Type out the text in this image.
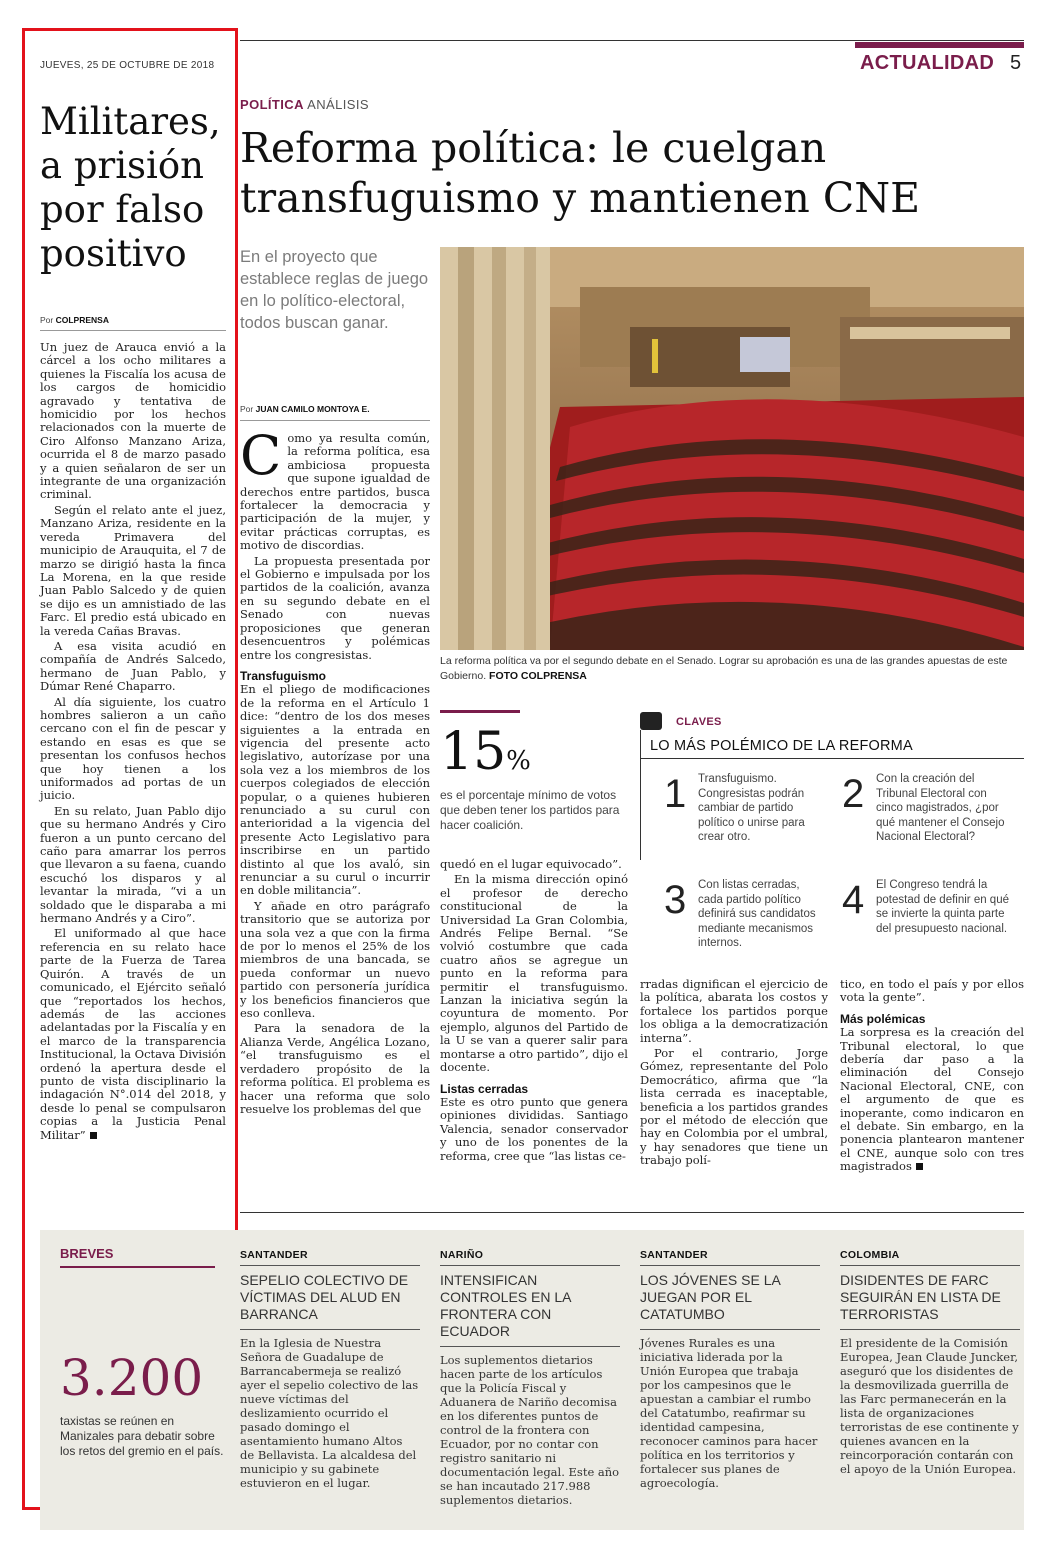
ACTUALIDAD 5
JUEVES, 25 DE OCTUBRE DE 2018
Militares,
a prisión
por falso
positivo
Por COLPRENSA

Un juez de Arauca envió a la cárcel a los ocho militares a quienes la Fiscalía los acusa de los cargos de homicidio agravado y tentativa de homicidio por los hechos relacionados con la muerte de Ciro Alfonso Manzano Ariza, ocurrida el 8 de marzo pasado y a quien señalaron de ser un integrante de una organización criminal.

Según el relato ante el juez, Manzano Ariza, residente en la vereda Primavera del municipio de Arauquita, el 7 de marzo se dirigió hasta la finca La Morena, en la que reside Juan Pablo Salcedo y de quien se dijo es un amnistiado de las Farc. El predio está ubicado en la vereda Cañas Bravas.

A esa visita acudió en compañía de Andrés Salcedo, hermano de Juan Pablo, y Dúmar René Chaparro.

Al día siguiente, los cuatro hombres salieron a un caño cercano con el fin de pescar y estando en esas es que se presentan los confusos hechos que hoy tienen a los uniformados ad portas de un juicio.

En su relato, Juan Pablo dijo que su hermano Andrés y Ciro fueron a un punto cercano del caño para amarrar los perros que llevaron a su faena, cuando escuchó los disparos y al levantar la mirada, “vi a un soldado que le disparaba a mi hermano Andrés y a Ciro”.

El uniformado al que hace referencia en su relato hace parte de la Fuerza de Tarea Quirón. A través de un comunicado, el Ejército señaló que “reportados los hechos, además de las acciones adelantadas por la Fiscalía y en el marco de la transparencia Institucional, la Octava División ordenó la apertura desde el punto de vista disciplinario la indagación N°.014 del 2018, y desde lo penal se compulsaron copias a la Justicia Penal Militar”

POLÍTICA ANÁLISIS
Reforma política: le cuelgan
transfuguismo y mantienen CNE
En el proyecto que establece reglas de juego en lo político-electoral, todos buscan ganar.
Por JUAN CAMILO MONTOYA E.
La reforma política va por el segundo debate en el Senado. Lograr su aprobación es una de las grandes apuestas de este Gobierno. FOTO COLPRENSA

Como ya resulta común, la reforma política, esa ambiciosa propuesta que supone igualdad de derechos entre partidos, busca fortalecer la democracia y participación de la mujer, y evitar prácticas corruptas, es motivo de discordias.

La propuesta presentada por el Gobierno e impulsada por los partidos de la coalición, avanza en su segundo debate en el Senado con nuevas proposiciones que generan desencuentros y polémicas entre los congresistas.

Transfuguismo

En el pliego de modificaciones de la reforma en el Artículo 1 dice: “dentro de los dos meses siguientes a la entrada en vigencia del presente acto legislativo, autorízase por una sola vez a los miembros de los cuerpos colegiados de elección popular, o a quienes hubieren renunciado a su curul con anterioridad a la vigencia del presente Acto Legislativo para inscribirse en un partido distinto al que los avaló, sin renunciar a su curul o incurrir en doble militancia”.

Y añade en otro parágrafo transitorio que se autoriza por una sola vez a que con la firma de por lo menos el 25% de los miembros de una bancada, se pueda conformar un nuevo partido con personería jurídica y los beneficios financieros que eso conlleva.

Para la senadora de la Alianza Verde, Angélica Lozano, “el transfuguismo es el verdadero propósito de la reforma política. El problema es hacer una reforma que solo resuelve los problemas del que

15%
es el porcentaje mínimo de votos que deben tener los partidos para hacer coalición.

quedó en el lugar equivocado”.

En la misma dirección opinó el profesor de derecho constitucional de la Universidad La Gran Colombia, Andrés Felipe Bernal. “Se volvió costumbre que cada cuatro años se agregue un punto en la reforma para permitir el transfuguismo. Lanzan la iniciativa según la coyuntura de momento. Por ejemplo, algunos del Partido de la U se van a querer salir para montarse a otro partido”, dijo el docente.

Listas cerradas

Este es otro punto que genera opiniones divididas. Santiago Valencia, senador conservador y uno de los ponentes de la reforma, cree que “las listas ce-

CLAVES
LO MÁS POLÉMICO DE LA REFORMA
1 Transfuguismo. Congresistas podrán cambiar de partido político o unirse para crear otro.
2 Con la creación del Tribunal Electoral con cinco magistrados, ¿por qué mantener el Consejo Nacional Electoral?
3 Con listas cerradas, cada partido político definirá sus candidatos mediante mecanismos internos.
4 El Congreso tendrá la potestad de definir en qué se invierte la quinta parte del presupuesto nacional.

rradas dignifican el ejercicio de la política, abarata los costos y fortalece los partidos porque los obliga a la democratización interna”.

Por el contrario, Jorge Gómez, representante del Polo Democrático, afirma que “la lista cerrada es inaceptable, beneficia a los partidos grandes por el método de elección que hay en Colombia por el umbral, y hay senadores que tiene un trabajo polí-

tico, en todo el país y por ellos vota la gente”.

Más polémicas

La sorpresa es la creación del Tribunal electoral, lo que debería dar paso a la eliminación del Consejo Nacional Electoral, CNE, con el argumento de que es inoperante, como indicaron en el debate. Sin embargo, en la ponencia plantearon mantener el CNE, aunque solo con tres magistrados

BREVES
3.200
taxistas se reúnen en Manizales para debatir sobre los retos del gremio en el país.
SANTANDER
SEPELIO COLECTIVO DE VÍCTIMAS DEL ALUD EN BARRANCA
En la Iglesia de Nuestra Señora de Guadalupe de Barrancabermeja se realizó ayer el sepelio colectivo de las nueve víctimas del deslizamiento ocurrido el pasado domingo el asentamiento humano Altos de Bellavista. La alcaldesa del municipio y su gabinete estuvieron en el lugar.
NARIÑO
INTENSIFICAN CONTROLES EN LA FRONTERA CON ECUADOR
Los suplementos dietarios hacen parte de los artículos que la Policía Fiscal y Aduanera de Nariño decomisa en los diferentes puntos de control de la frontera con Ecuador, por no contar con registro sanitario ni documentación legal. Este año se han incautado 217.988 suplementos dietarios.
SANTANDER
LOS JÓVENES SE LA JUEGAN POR EL CATATUMBO
Jóvenes Rurales es una iniciativa liderada por la Unión Europea que trabaja por los campesinos que le apuestan a cambiar el rumbo del Catatumbo, reafirmar su identidad campesina, reconocer caminos para hacer política en los territorios y fortalecer sus planes de agroecología.
COLOMBIA
DISIDENTES DE FARC SEGUIRÁN EN LISTA DE TERRORISTAS
El presidente de la Comisión Europea, Jean Claude Juncker, aseguró que los disidentes de la desmovilizada guerrilla de las Farc permanecerán en la lista de organizaciones terroristas de ese continente y quienes avancen en la reincorporación contarán con el apoyo de la Unión Europea.
